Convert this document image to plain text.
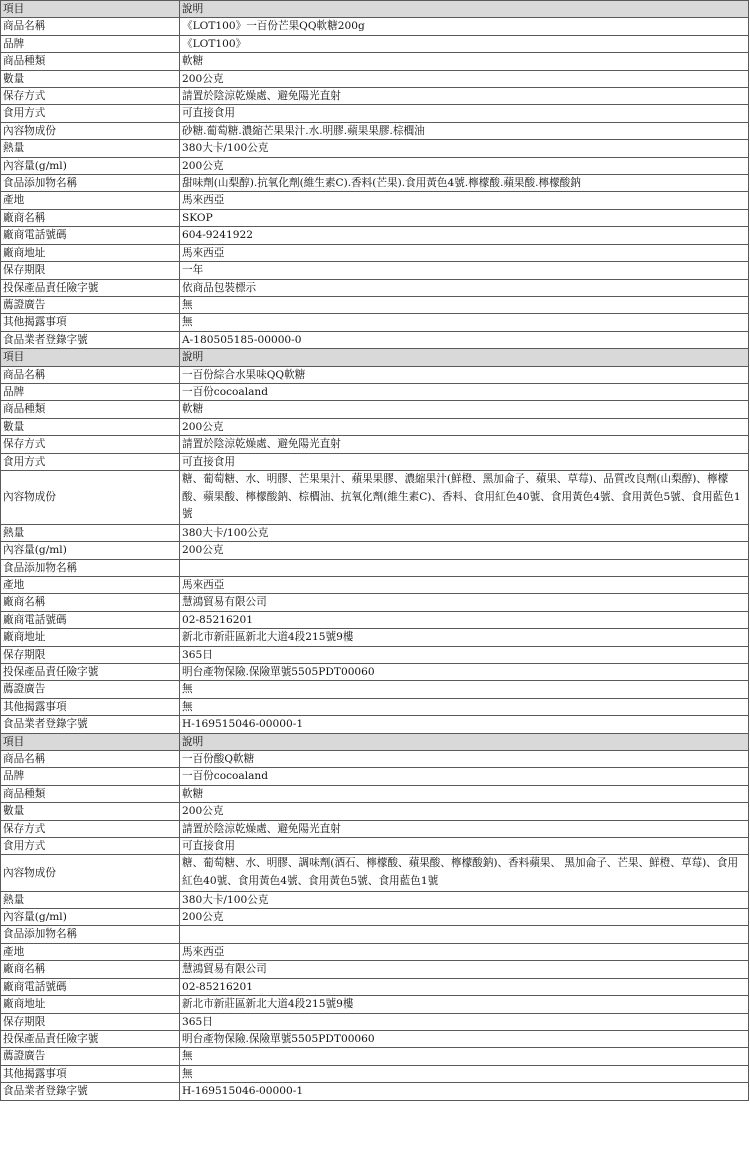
項目	說明
商品名稱	《LOT100》一百份芒果QQ軟糖200g
品牌	《LOT100》
商品種類	軟糖
數量	200公克
保存方式	請置於陰涼乾燥處、避免陽光直射
食用方式	可直接食用
內容物成份	砂糖.葡萄糖.濃縮芒果果汁.水.明膠.蘋果果膠.棕櫚油
熱量	380大卡/100公克
內容量(g/ml)	200公克
食品添加物名稱	甜味劑(山梨醇).抗氧化劑(維生素C).香料(芒果).食用黃色4號.檸檬酸.蘋果酸.檸檬酸鈉
產地	馬來西亞
廠商名稱	SKOP
廠商電話號碼	604-9241922
廠商地址	馬來西亞
保存期限	一年
投保產品責任險字號	依商品包裝標示
薦證廣告	無
其他揭露事項	無
食品業者登錄字號	A-180505185-00000-0
項目	說明
商品名稱	一百份綜合水果味QQ軟糖
品牌	一百份cocoaland
商品種類	軟糖
數量	200公克
保存方式	請置於陰涼乾燥處、避免陽光直射
食用方式	可直接食用
內容物成份	糖、葡萄糖、水、明膠、芒果果汁、蘋果果膠、濃縮果汁(鮮橙、黑加侖子、蘋果、草莓)、品質改良劑(山梨醇)、檸檬酸、蘋果酸、檸檬酸鈉、棕櫚油、抗氧化劑(維生素C)、香料、食用紅色40號、食用黃色4號、食用黃色5號、食用藍色1號
熱量	380大卡/100公克
內容量(g/ml)	200公克
食品添加物名稱	
產地	馬來西亞
廠商名稱	慧鴻貿易有限公司
廠商電話號碼	02-85216201
廠商地址	新北市新莊區新北大道4段215號9樓
保存期限	365日
投保產品責任險字號	明台產物保險.保險單號5505PDT00060
薦證廣告	無
其他揭露事項	無
食品業者登錄字號	H-169515046-00000-1
項目	說明
商品名稱	一百份酸Q軟糖
品牌	一百份cocoaland
商品種類	軟糖
數量	200公克
保存方式	請置於陰涼乾燥處、避免陽光直射
食用方式	可直接食用
內容物成份	糖、葡萄糖、水、明膠、調味劑(酒石、檸檬酸、蘋果酸、檸檬酸鈉)、香料蘋果、 黑加侖子、芒果、鮮橙、草莓)、食用紅色40號、食用黃色4號、食用黃色5號、食用藍色1號
熱量	380大卡/100公克
內容量(g/ml)	200公克
食品添加物名稱	
產地	馬來西亞
廠商名稱	慧鴻貿易有限公司
廠商電話號碼	02-85216201
廠商地址	新北市新莊區新北大道4段215號9樓
保存期限	365日
投保產品責任險字號	明台產物保險.保險單號5505PDT00060
薦證廣告	無
其他揭露事項	無
食品業者登錄字號	H-169515046-00000-1
